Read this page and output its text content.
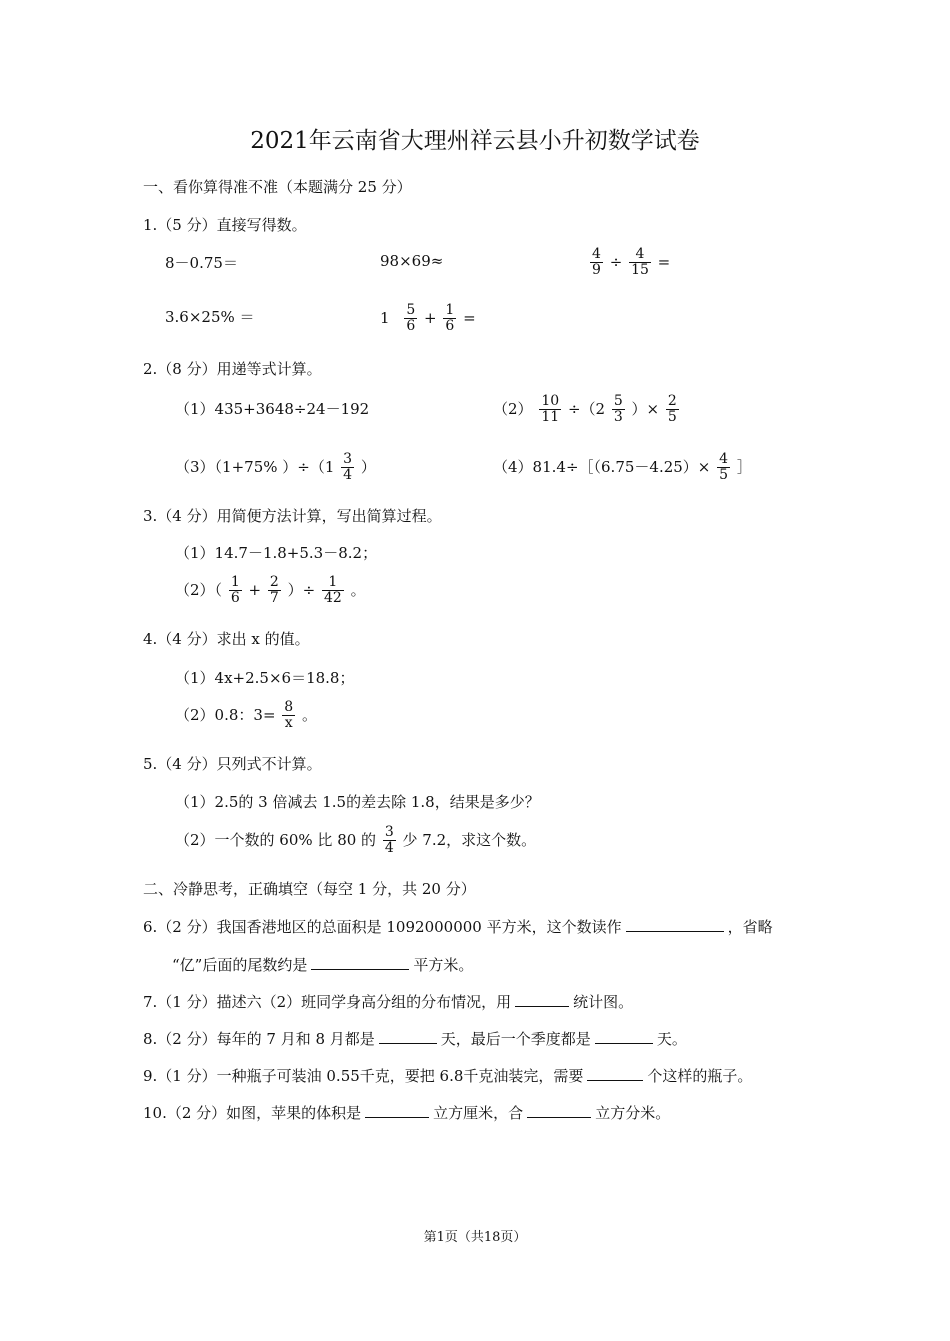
2021年云南省大理州祥云县小升初数学试卷
一、看你算得准不准（本题满分 25 分）
1.（5 分）直接写得数。
8－0.75＝	98×69≈	$\frac{4}{9} \div \frac{4}{15}$ =
3.6×25% ＝	$1 \frac{5}{6} + \frac{1}{6}$ =
2.（8 分）用递等式计算。
（1）435+3648÷24－192	$(2) \frac{10}{11} \div(2 \frac{5}{3}$ ）× $\frac{2}{5}$
（3）（1+75% ）$\div(1 \frac{3}{4}$ ）	（4）81.4÷［（6.75－4.25）× $\frac{4}{5}$ ］
3.（4 分）用简便方法计算，写出简算过程。
（1）14.7－1.8+5.3－8.2；
$(2)( \frac{1}{6} + \frac{2}{7}$ ）÷ $\frac{1}{42}$ 。
4.（4 分）求出 x 的值。
（1）4x+2.5×6＝18.8；
（2）0.8：$3= \frac{8}{x}$ 。
5.（4 分）只列式不计算。
（1）2.5的 3 倍减去 1.5的差去除 1.8，结果是多少？
（2）一个数的 60% 比 80 的 $\frac{3}{4}$ 少 7.2，求这个数。
二、冷静思考，正确填空（每空 1 分，共 20 分）
6.（2 分）我国香港地区的总面积是 1092000000 平方米，这个数读作	，省略
“亿”后面的尾数约是	平方米。
7.（1 分）描述六（2）班同学身高分组的分布情况，用	统计图。
8.（2 分）每年的 7 月和 8 月都是	天，最后一个季度都是	天。
9.（1 分）一种瓶子可装油 0.55千克，要把 6.8千克油装完，需要	个这样的瓶子。
10.（2 分）如图，苹果的体积是	立方厘米，合	立方分米。
第1页（共18页）
